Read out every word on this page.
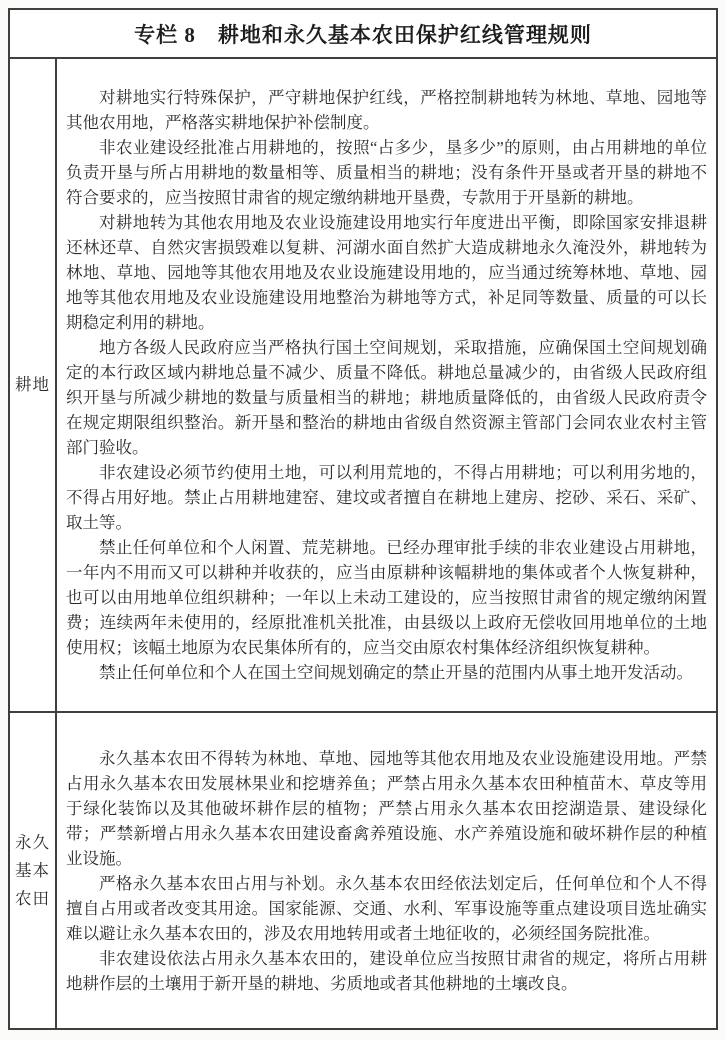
专栏 8　耕地和永久基本农田保护红线管理规则
耕地

对耕地实行特殊保护，严守耕地保护红线，严格控制耕地转为林地、草地、园地等其他农用地，严格落实耕地保护补偿制度。

非农业建设经批准占用耕地的，按照“占多少，垦多少”的原则，由占用耕地的单位负责开垦与所占用耕地的数量相等、质量相当的耕地；没有条件开垦或者开垦的耕地不符合要求的，应当按照甘肃省的规定缴纳耕地开垦费，专款用于开垦新的耕地。

对耕地转为其他农用地及农业设施建设用地实行年度进出平衡，即除国家安排退耕还林还草、自然灾害损毁难以复耕、河湖水面自然扩大造成耕地永久淹没外，耕地转为林地、草地、园地等其他农用地及农业设施建设用地的，应当通过统筹林地、草地、园地等其他农用地及农业设施建设用地整治为耕地等方式，补足同等数量、质量的可以长期稳定利用的耕地。

地方各级人民政府应当严格执行国土空间规划，采取措施，应确保国土空间规划确定的本行政区域内耕地总量不减少、质量不降低。耕地总量减少的，由省级人民政府组织开垦与所减少耕地的数量与质量相当的耕地；耕地质量降低的，由省级人民政府责令在规定期限组织整治。新开垦和整治的耕地由省级自然资源主管部门会同农业农村主管部门验收。

非农建设必须节约使用土地，可以利用荒地的，不得占用耕地；可以利用劣地的，不得占用好地。禁止占用耕地建窑、建坟或者擅自在耕地上建房、挖砂、采石、采矿、取土等。

禁止任何单位和个人闲置、荒芜耕地。已经办理审批手续的非农业建设占用耕地，一年内不用而又可以耕种并收获的，应当由原耕种该幅耕地的集体或者个人恢复耕种，也可以由用地单位组织耕种；一年以上未动工建设的，应当按照甘肃省的规定缴纳闲置费；连续两年未使用的，经原批准机关批准，由县级以上政府无偿收回用地单位的土地使用权；该幅土地原为农民集体所有的，应当交由原农村集体经济组织恢复耕种。

禁止任何单位和个人在国土空间规划确定的禁止开垦的范围内从事土地开发活动。

永久基本农田

永久基本农田不得转为林地、草地、园地等其他农用地及农业设施建设用地。严禁占用永久基本农田发展林果业和挖塘养鱼；严禁占用永久基本农田种植苗木、草皮等用于绿化装饰以及其他破坏耕作层的植物；严禁占用永久基本农田挖湖造景、建设绿化带；严禁新增占用永久基本农田建设畜禽养殖设施、水产养殖设施和破坏耕作层的种植业设施。

严格永久基本农田占用与补划。永久基本农田经依法划定后，任何单位和个人不得擅自占用或者改变其用途。国家能源、交通、水利、军事设施等重点建设项目选址确实难以避让永久基本农田的，涉及农用地转用或者土地征收的，必须经国务院批准。

非农建设依法占用永久基本农田的，建设单位应当按照甘肃省的规定，将所占用耕地耕作层的土壤用于新开垦的耕地、劣质地或者其他耕地的土壤改良。
